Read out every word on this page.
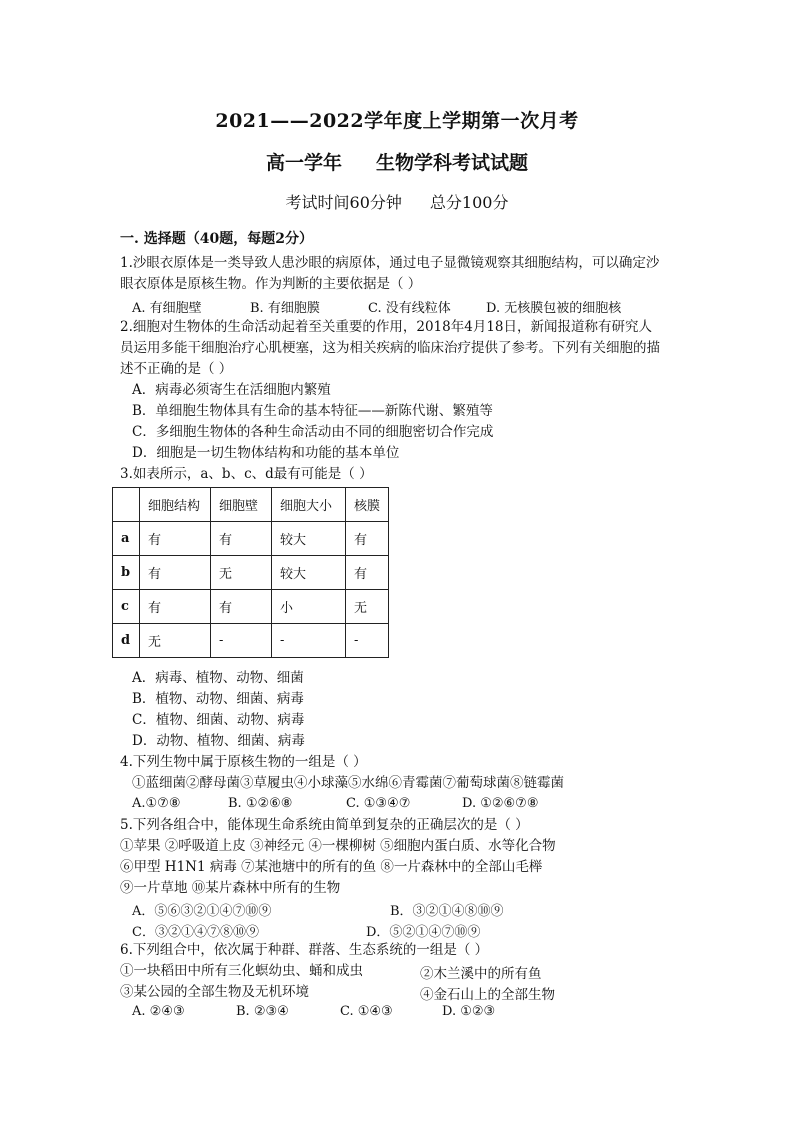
2021——2022学年度上学期第一次月考
高一学年 生物学科考试试题
考试时间60分钟 总分100分
一. 选择题（40题，每题2分）
1.沙眼衣原体是一类导致人患沙眼的病原体，通过电子显微镜观察其细胞结构，可以确定沙
眼衣原体是原核生物。作为判断的主要依据是（ ）
A. 有细胞壁	B. 有细胞膜	C. 没有线粒体	D. 无核膜包被的细胞核
2.细胞对生物体的生命活动起着至关重要的作用，2018年4月18日，新闻报道称有研究人
员运用多能干细胞治疗心肌梗塞，这为相关疾病的临床治疗提供了参考。下列有关细胞的描
述不正确的是（ ）
A．病毒必须寄生在活细胞内繁殖
B．单细胞生物体具有生命的基本特征——新陈代谢、繁殖等
C．多细胞生物体的各种生命活动由不同的细胞密切合作完成
D．细胞是一切生物体结构和功能的基本单位
3.如表所示，a、b、c、d最有可能是（ ）
	细胞结构	细胞壁	细胞大小	核膜
a	有	有	较大	有
b	有	无	较大	有
c	有	有	小	无
d	无	-	-	-
A．病毒、植物、动物、细菌
B．植物、动物、细菌、病毒
C．植物、细菌、动物、病毒
D．动物、植物、细菌、病毒
4.下列生物中属于原核生物的一组是（ ）
①蓝细菌②酵母菌③草履虫④小球藻⑤水绵⑥青霉菌⑦葡萄球菌⑧链霉菌
A.①⑦⑧	B. ①②⑥⑧	C. ①③④⑦	D. ①②⑥⑦⑧
5.下列各组合中，能体现生命系统由简单到复杂的正确层次的是（ ）
①苹果 ②呼吸道上皮 ③神经元 ④一棵柳树 ⑤细胞内蛋白质、水等化合物
⑥甲型 H1N1 病毒 ⑦某池塘中的所有的鱼 ⑧一片森林中的全部山毛榉
⑨一片草地 ⑩某片森林中所有的生物
A．⑤⑥③②①④⑦⑩⑨	B．③②①④⑧⑩⑨
C．③②①④⑦⑧⑩⑨	D．⑤②①④⑦⑩⑨
6.下列组合中，依次属于种群、群落、生态系统的一组是（ ）
①一块稻田中所有三化螟幼虫、蛹和成虫	②木兰溪中的所有鱼
③某公园的全部生物及无机环境	④金石山上的全部生物
A. ②④③	B. ②③④	C. ①④③	D. ①②③
